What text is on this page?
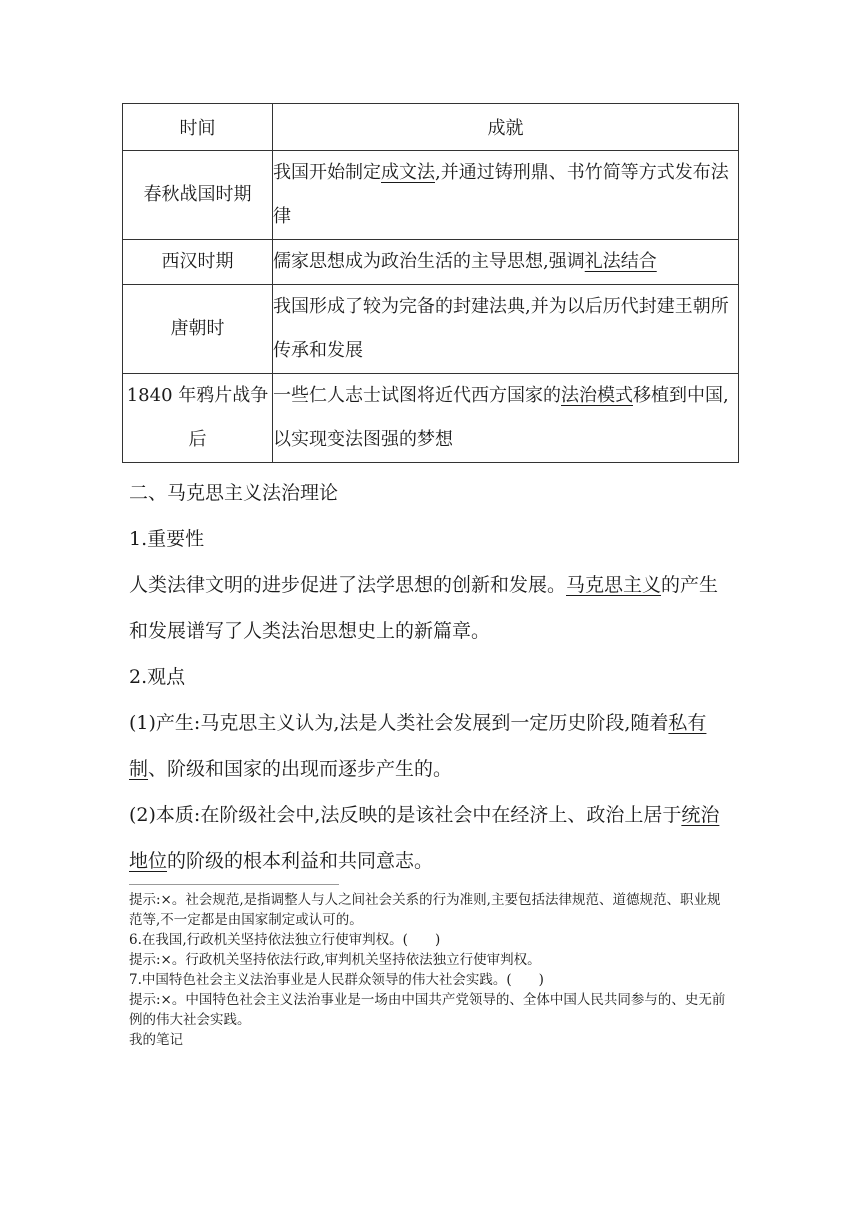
时间	成就
春秋战国时期	我国开始制定成文法,并通过铸刑鼎、书竹简等方式发布法律
西汉时期	儒家思想成为政治生活的主导思想,强调礼法结合
唐朝时	我国形成了较为完备的封建法典,并为以后历代封建王朝所传承和发展
1840 年鸦片战争后	一些仁人志士试图将近代西方国家的法治模式移植到中国,以实现变法图强的梦想
二、马克思主义法治理论
1.重要性
人类法律文明的进步促进了法学思想的创新和发展。马克思主义的产生和发展谱写了人类法治思想史上的新篇章。
2.观点
(1)产生:马克思主义认为,法是人类社会发展到一定历史阶段,随着私有制、阶级和国家的出现而逐步产生的。
(2)本质:在阶级社会中,法反映的是该社会中在经济上、政治上居于统治地位的阶级的根本利益和共同意志。
提示:×。社会规范,是指调整人与人之间社会关系的行为准则,主要包括法律规范、道德规范、职业规范等,不一定都是由国家制定或认可的。
6.在我国,行政机关坚持依法独立行使审判权。(　　)
提示:×。行政机关坚持依法行政,审判机关坚持依法独立行使审判权。
7.中国特色社会主义法治事业是人民群众领导的伟大社会实践。(　　)
提示:×。中国特色社会主义法治事业是一场由中国共产党领导的、全体中国人民共同参与的、史无前例的伟大社会实践。
我的笔记
